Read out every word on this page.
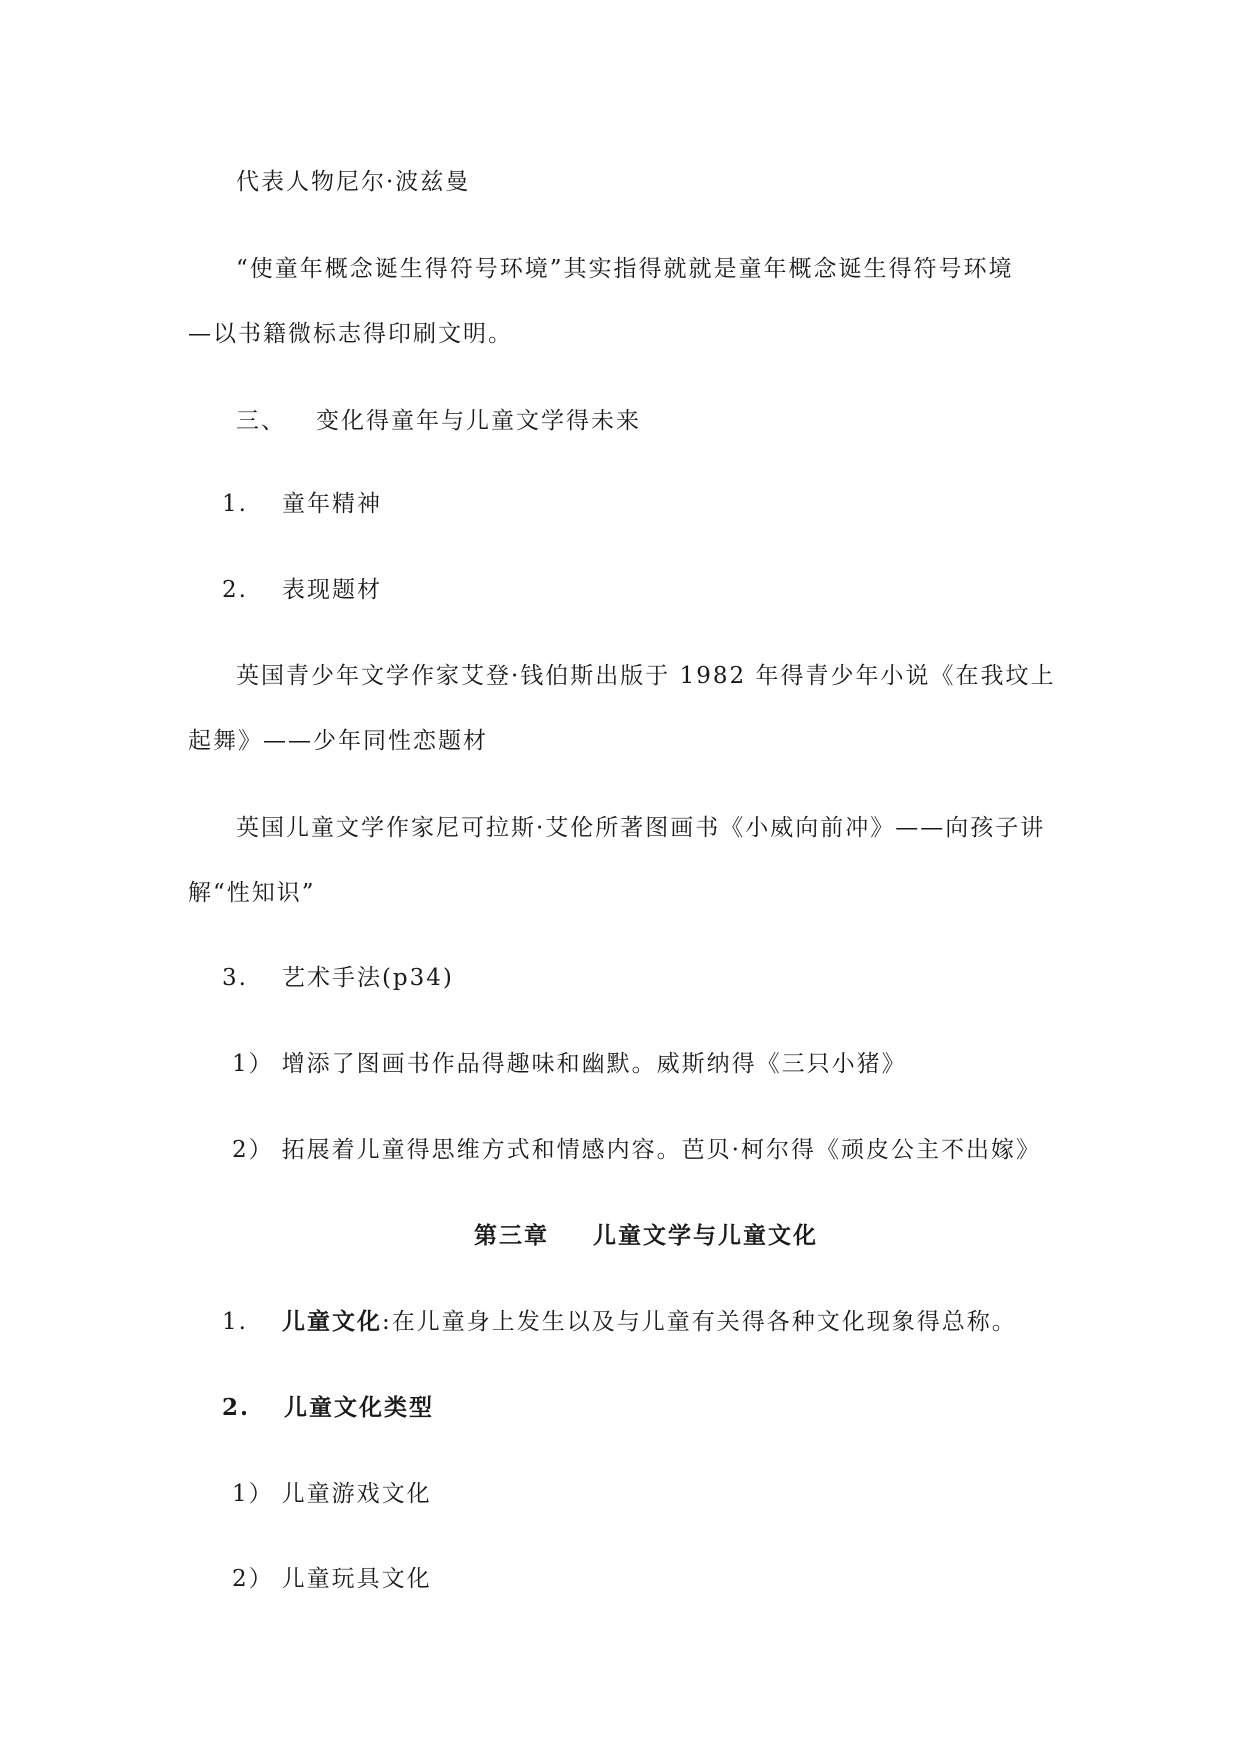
代表人物尼尔·波兹曼
“使童年概念诞生得符号环境”其实指得就就是童年概念诞生得符号环境
—以书籍微标志得印刷文明。
三、 变化得童年与儿童文学得未来
1. 童年精神
2. 表现题材
英国青少年文学作家艾登·钱伯斯出版于 1982 年得青少年小说《在我坟上
起舞》——少年同性恋题材
英国儿童文学作家尼可拉斯·艾伦所著图画书《小威向前冲》——向孩子讲
解“性知识”
3. 艺术手法(p34)
1） 增添了图画书作品得趣味和幽默。威斯纳得《三只小猪》
2） 拓展着儿童得思维方式和情感内容。芭贝·柯尔得《顽皮公主不出嫁》
第三章 儿童文学与儿童文化
1. 儿童文化:在儿童身上发生以及与儿童有关得各种文化现象得总称。
2. 儿童文化类型
1） 儿童游戏文化
2） 儿童玩具文化
